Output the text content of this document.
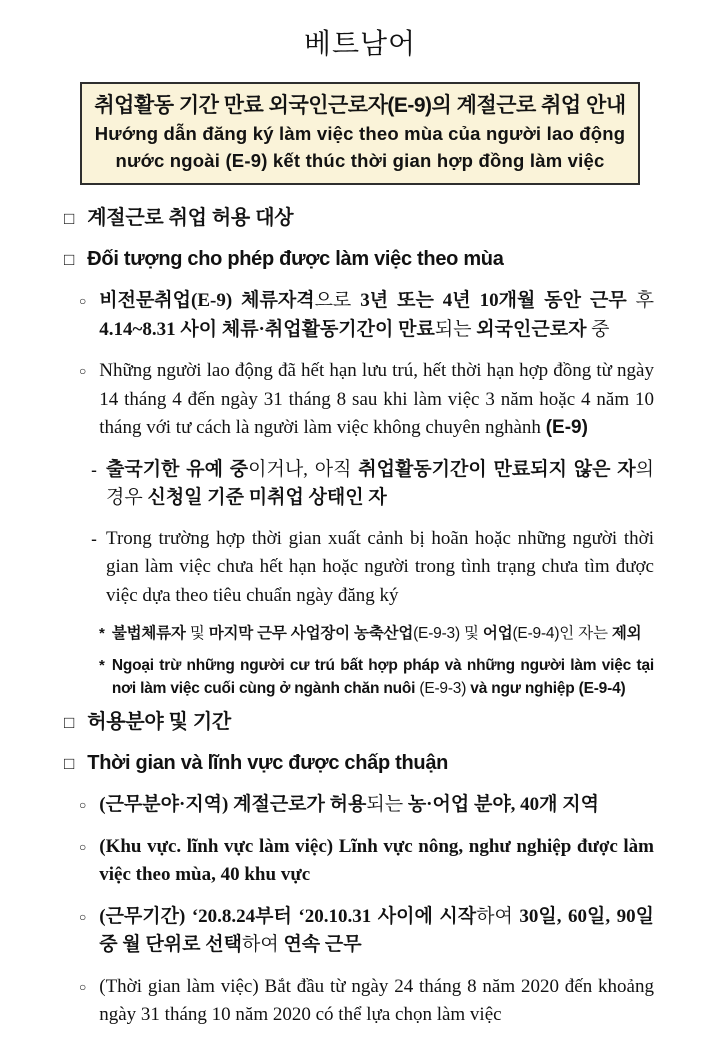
베트남어
취업활동 기간 만료 외국인근로자(E-9)의 계절근로 취업 안내
Hướng dẫn đăng ký làm việc theo mùa của người lao động
nước ngoài (E-9) kết thúc thời gian hợp đồng làm việc
□ 계절근로 취업 허용 대상
□ Đối tượng cho phép được làm việc theo mùa
○ 비전문취업(E-9) 체류자격으로 3년 또는 4년 10개월 동안 근무 후 4.14~8.31 사이 체류·취업활동기간이 만료되는 외국인근로자 중
○ Những người lao động đã hết hạn lưu trú, hết thời hạn hợp đồng từ ngày 14 tháng 4 đến ngày 31 tháng 8 sau khi làm việc 3 năm hoặc 4 năm 10 tháng với tư cách là người làm việc không chuyên nghành (E-9)
- 출국기한 유예 중이거나, 아직 취업활동기간이 만료되지 않은 자의 경우 신청일 기준 미취업 상태인 자
- Trong trường hợp thời gian xuất cảnh bị hoãn hoặc những người thời gian làm việc chưa hết hạn hoặc người trong tình trạng chưa tìm được việc dựa theo tiêu chuẩn ngày đăng ký
* 불법체류자 및 마지막 근무 사업장이 농축산업(E-9-3) 및 어업(E-9-4)인 자는 제외
* Ngoại trừ những người cư trú bất hợp pháp và những người làm việc tại nơi làm việc cuối cùng ở ngành chăn nuôi (E-9-3) và ngư nghiệp (E-9-4)
□ 허용분야 및 기간
□ Thời gian và lĩnh vực được chấp thuận
○ (근무분야·지역) 계절근로가 허용되는 농·어업 분야, 40개 지역
○ (Khu vực. lĩnh vực làm việc) Lĩnh vực nông, nghư nghiệp được làm việc theo mùa, 40 khu vực
○ (근무기간) ‘20.8.24부터 ‘20.10.31 사이에 시작하여 30일, 60일, 90일 중 월 단위로 선택하여 연속 근무
○ (Thời gian làm việc) Bắt đầu từ ngày 24 tháng 8 năm 2020 đến khoảng ngày 31 tháng 10 năm 2020 có thể lựa chọn làm việc
